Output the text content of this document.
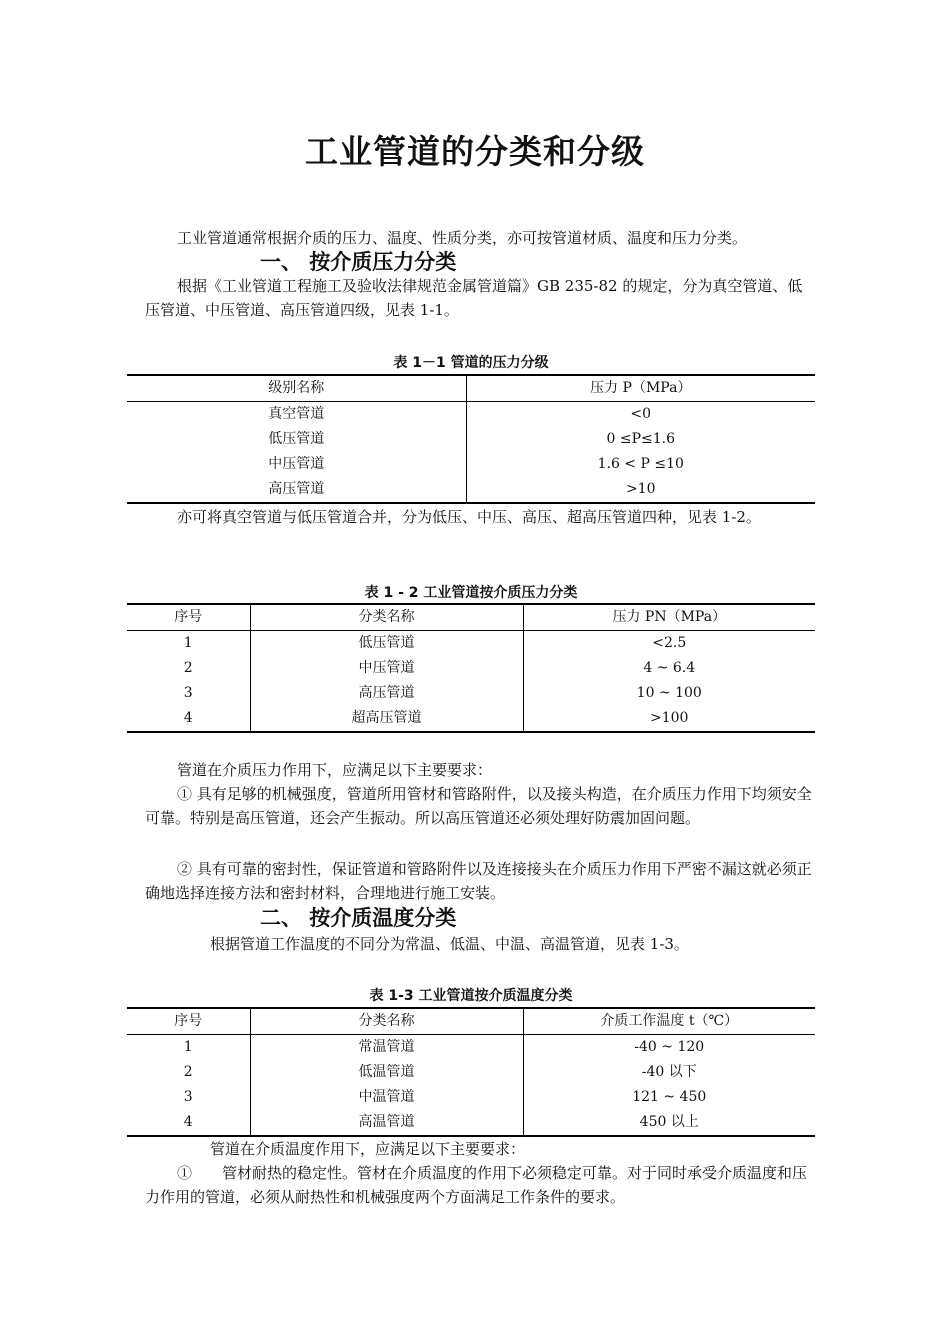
工业管道的分类和分级

工业管道通常根据介质的压力、温度、性质分类，亦可按管道材质、温度和压力分类。

一、 按介质压力分类

根据《工业管道工程施工及验收法律规范金属管道篇》GB 235-82 的规定，分为真空管道、低压管道、中压管道、高压管道四级，见表 1-1。

表 1－1 管道的压力分级
级别名称	压力 P（MPa）
真空管道	<0
低压管道	0 ≤P≤1.6
中压管道	1.6 < P ≤10
高压管道	>10

亦可将真空管道与低压管道合并，分为低压、中压、高压、超高压管道四种，见表 1-2。

表 1 - 2 工业管道按介质压力分类
序号	分类名称	压力 PN（MPa）
1	低压管道	<2.5
2	中压管道	4 ~ 6.4
3	高压管道	10 ~ 100
4	超高压管道	>100

管道在介质压力作用下，应满足以下主要要求：

① 具有足够的机械强度，管道所用管材和管路附件，以及接头构造，在介质压力作用下均须安全可靠。特别是高压管道，还会产生振动。所以高压管道还必须处理好防震加固问题。

② 具有可靠的密封性，保证管道和管路附件以及连接接头在介质压力作用下严密不漏这就必须正确地选择连接方法和密封材料，合理地进行施工安装。

二、 按介质温度分类

根据管道工作温度的不同分为常温、低温、中温、高温管道，见表 1-3。

表 1-3 工业管道按介质温度分类
序号	分类名称	介质工作温度 t（℃）
1	常温管道	-40 ~ 120
2	低温管道	-40 以下
3	中温管道	121 ~ 450
4	高温管道	450 以上

管道在介质温度作用下，应满足以下主要要求：

①　　管材耐热的稳定性。管材在介质温度的作用下必须稳定可靠。对于同时承受介质温度和压力作用的管道，必须从耐热性和机械强度两个方面满足工作条件的要求。
